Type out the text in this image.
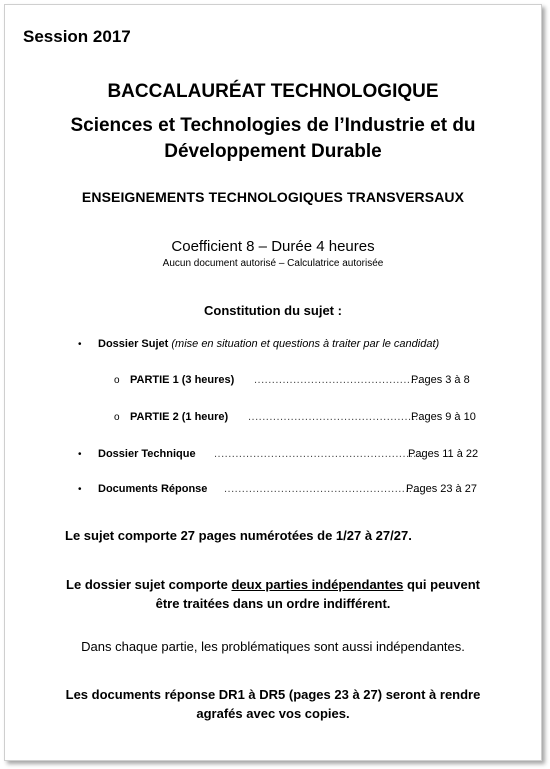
Session 2017
BACCALAURÉAT TECHNOLOGIQUE
Sciences et Technologies de l’Industrie et du
Développement Durable
ENSEIGNEMENTS TECHNOLOGIQUES TRANSVERSAUX
Coefficient 8 – Durée 4 heures
Aucun document autorisé – Calculatrice autorisée
Constitution du sujet :
• Dossier Sujet (mise en situation et questions à traiter par le candidat)
o PARTIE 1 (3 heures) ...............................................
Pages 3 à 8
o PARTIE 2 (1 heure) .................................................
Pages 9 à 10
• Dossier Technique ...........................................................
Pages 11 à 22
• Documents Réponse ........................................................
Pages 23 à 27
Le sujet comporte 27 pages numérotées de 1/27 à 27/27.
Le dossier sujet comporte deux parties indépendantes qui peuvent être traitées dans un ordre indifférent.
Dans chaque partie, les problématiques sont aussi indépendantes.
Les documents réponse DR1 à DR5 (pages 23 à 27) seront à rendre agrafés avec vos copies.
